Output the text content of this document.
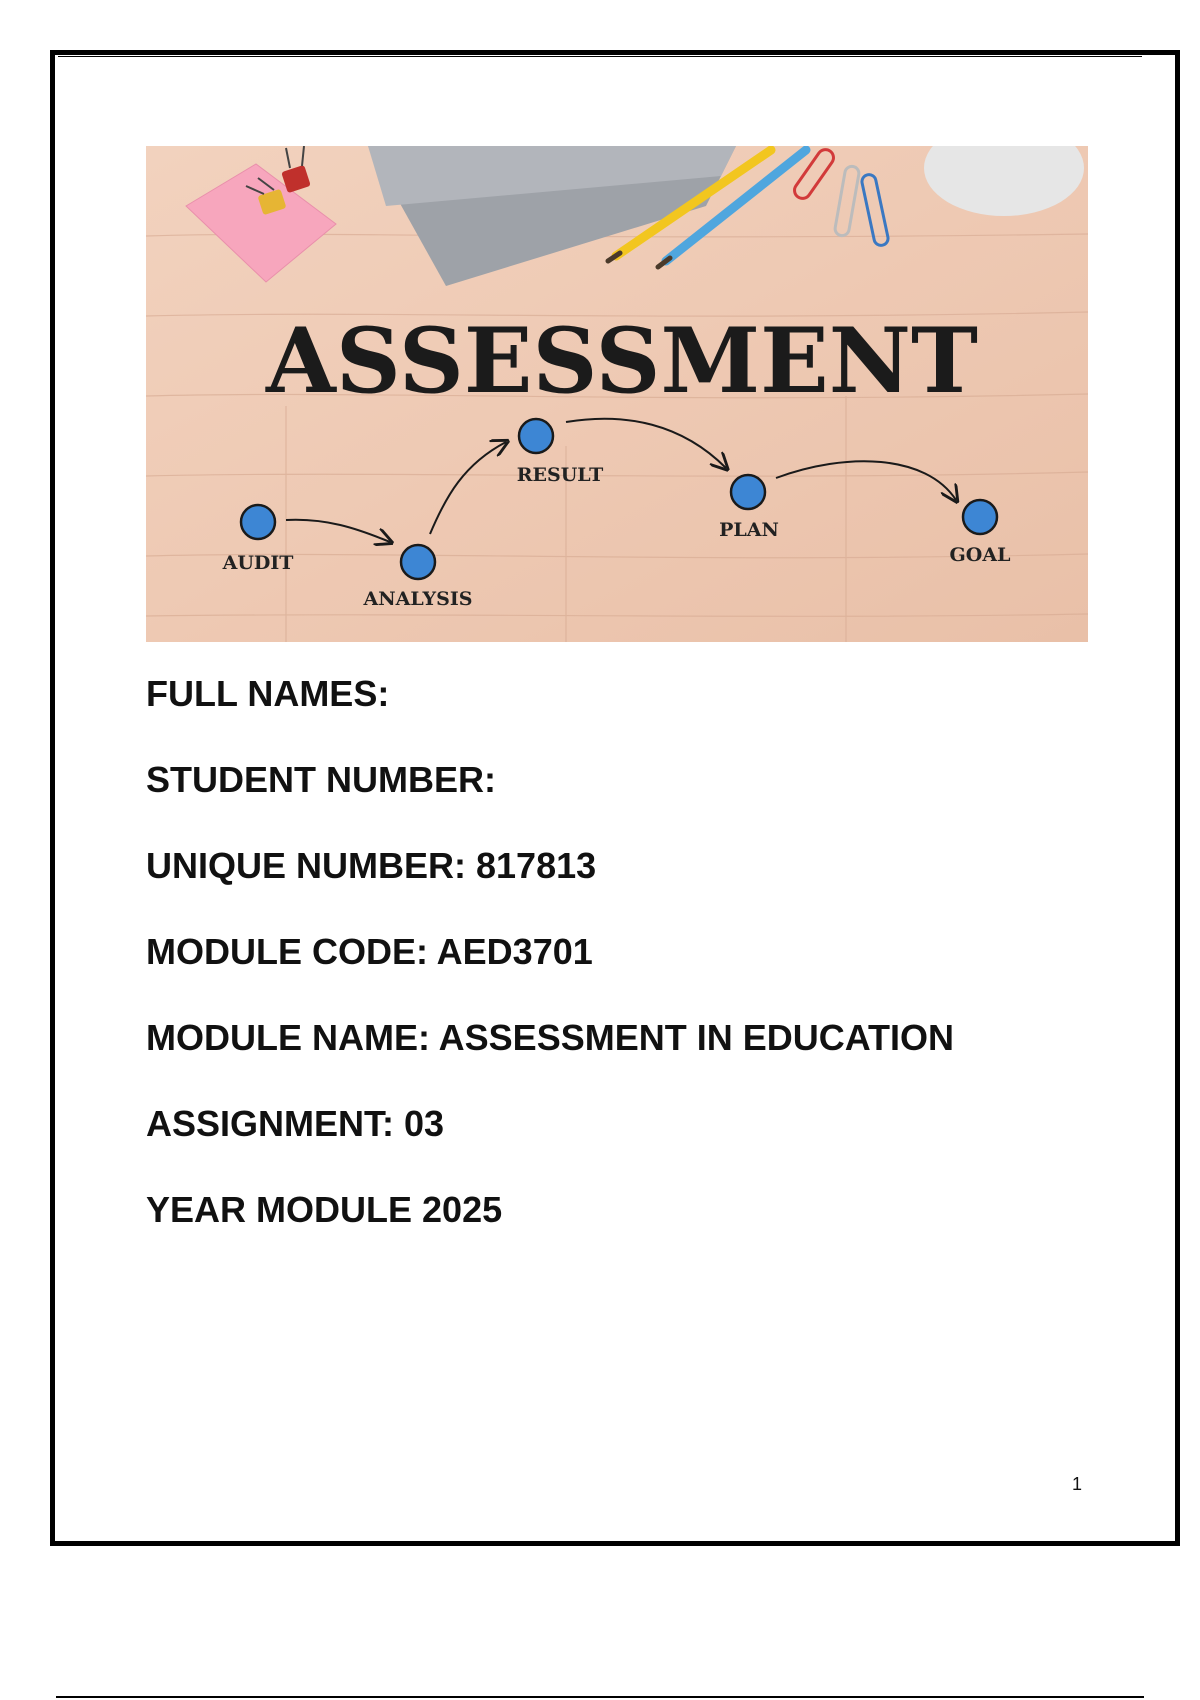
ASSESSMENT
AUDIT
ANALYSIS
RESULT
PLAN
GOAL

FULL NAMES:

STUDENT NUMBER:

UNIQUE NUMBER: 817813

MODULE CODE: AED3701

MODULE NAME: ASSESSMENT IN EDUCATION

ASSIGNMENT: 03

YEAR MODULE 2025

1
